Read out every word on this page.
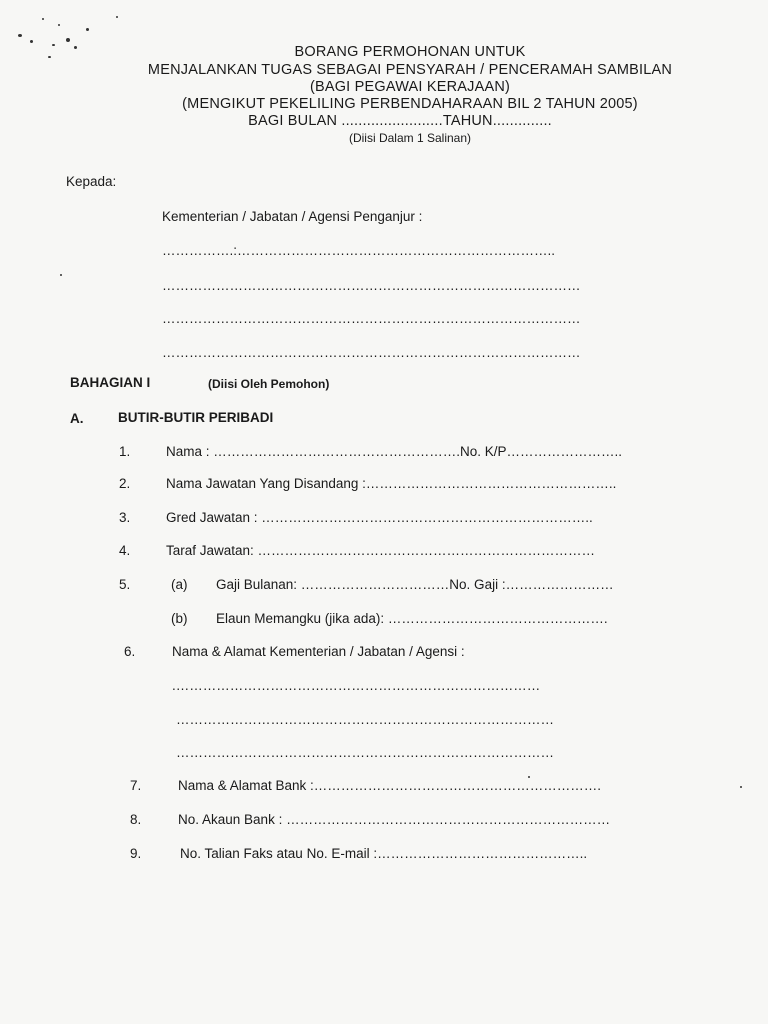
BORANG PERMOHONAN UNTUK
MENJALANKAN TUGAS SEBAGAI PENSYARAH / PENCERAMAH SAMBILAN
(BAGI PEGAWAI KERAJAAN)
(MENGIKUT PEKELILING PERBENDAHARAAN BIL 2 TAHUN 2005)
BAGI BULAN ........................TAHUN..............
(Diisi Dalam 1 Salinan)
Kepada:
Kementerian / Jabatan / Agensi Penganjur :
…………….:……………………………………………………………..
…………………………………………………………………………………
…………………………………………………………………………………
…………………………………………………………………………………
BAHAGIAN I	(Diisi Oleh Pemohon)
A.	BUTIR-BUTIR PERIBADI
1.	Nama : ……………………………………………….No. K/P……………………..
2.	Nama Jawatan Yang Disandang :………………………………………………..
3.	Gred Jawatan : ………………………………………………………………..
4.	Taraf Jawatan: …………………………………………………………………
5.	(a) Gaji Bulanan: ……………………………No. Gaji :……………………
(b) Elaun Memangku (jika ada): ………………………………………….
6.	Nama & Alamat Kementerian / Jabatan / Agensi :
.………………………………………………………………………
…………………………………………………………………………
…………………………………………………………………………
7.	Nama & Alamat Bank :……………………………………………………….
8.	No. Akaun Bank : ………………………………………………………………
9.	No. Talian Faks atau No. E-mail :………………………………………..
